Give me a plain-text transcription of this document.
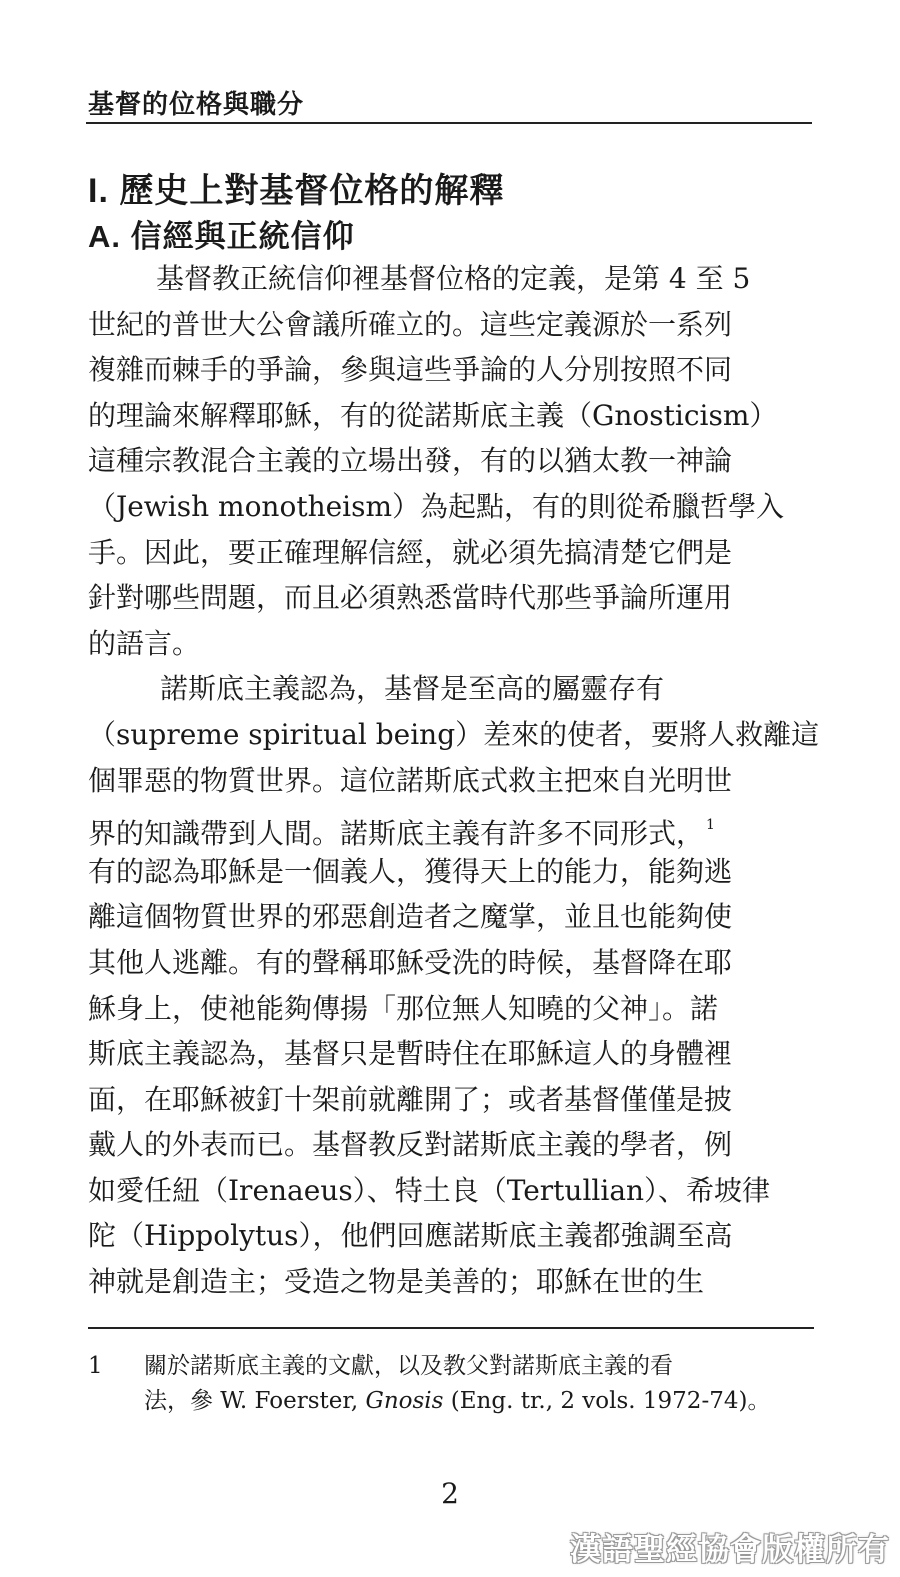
基督的位格與職分
I. 歷史上對基督位格的解釋
A. 信經與正統信仰
基督教正統信仰裡基督位格的定義，是第 4 至 5
世紀的普世大公會議所確立的。這些定義源於一系列
複雜而棘手的爭論，參與這些爭論的人分別按照不同
的理論來解釋耶穌，有的從諾斯底主義（Gnosticism）
這種宗教混合主義的立場出發，有的以猶太教一神論
（Jewish monotheism）為起點，有的則從希臘哲學入
手。因此，要正確理解信經，就必須先搞清楚它們是
針對哪些問題，而且必須熟悉當時代那些爭論所運用
的語言。
諾斯底主義認為，基督是至高的屬靈存有
（supreme spiritual being）差來的使者，要將人救離這
個罪惡的物質世界。這位諾斯底式救主把來自光明世
界的知識帶到人間。諾斯底主義有許多不同形式， $^1$
有的認為耶穌是一個義人，獲得天上的能力，能夠逃
離這個物質世界的邪惡創造者之魔掌，並且也能夠使
其他人逃離。有的聲稱耶穌受洗的時候，基督降在耶
穌身上，使祂能夠傳揚「那位無人知曉的父神」。諾
斯底主義認為，基督只是暫時住在耶穌這人的身體裡
面，在耶穌被釘十架前就離開了；或者基督僅僅是披
戴人的外表而已。基督教反對諾斯底主義的學者，例
如愛任紐（Irenaeus）、特土良（Tertullian）、希坡律
陀（Hippolytus），他們回應諾斯底主義都強調至高
神就是創造主；受造之物是美善的；耶穌在世的生
1	關於諾斯底主義的文獻，以及教父對諾斯底主義的看
法，參 W. Foerster, Gnosis (Eng. tr., 2 vols. 1972-74)。
2
漢語聖經協會版權所有
